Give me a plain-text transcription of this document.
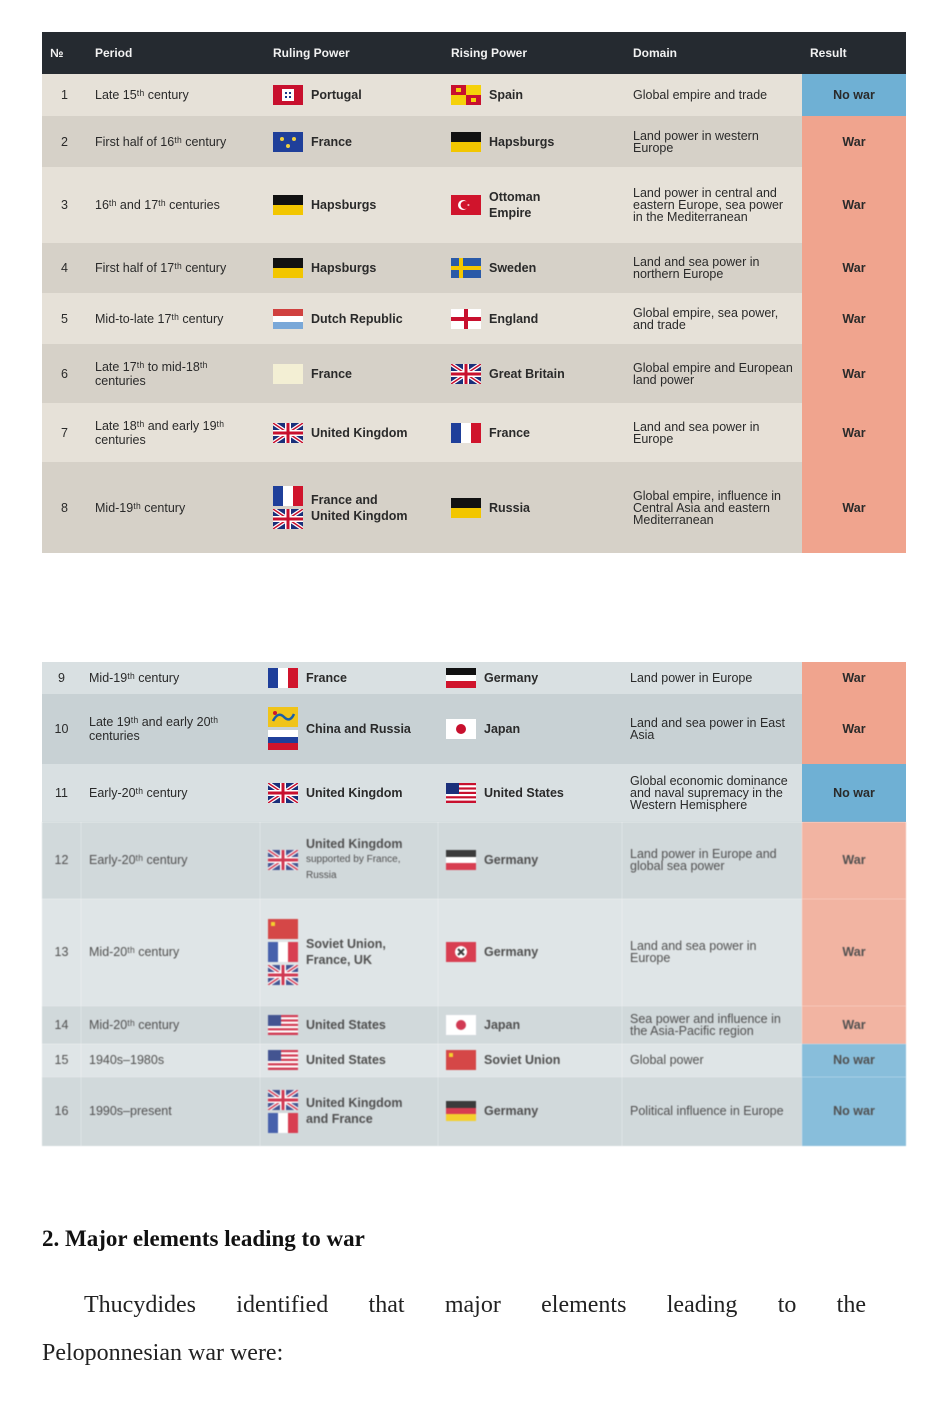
№	Period	Ruling Power	Rising Power	Domain	Result
1	Late 15ᵗʰ century	Portugal	Spain	Global empire and trade	No war
2	First half of 16ᵗʰ century	France	Hapsburgs	Land power in western Europe	War
3	16ᵗʰ and 17ᵗʰ centuries	Hapsburgs	Ottoman
Empire	Land power in central and eastern Europe, sea power in the Mediterranean	War
4	First half of 17ᵗʰ century	Hapsburgs	Sweden	Land and sea power in northern Europe	War
5	Mid-to-late 17ᵗʰ century	Dutch Republic	England	Global empire, sea power, and trade	War
6	Late 17ᵗʰ to mid-18ᵗʰ centuries	France	Great Britain	Global empire and European land power	War
7	Late 18ᵗʰ and early 19ᵗʰ centuries	United Kingdom	France	Land and sea power in Europe	War
8	Mid-19ᵗʰ century	France and
United Kingdom	Russia	Global empire, influence in Central Asia and eastern Mediterranean	War
9	Mid-19ᵗʰ century	France	Germany	Land power in Europe	War
10	Late 19ᵗʰ and early 20ᵗʰ centuries	China and Russia	Japan	Land and sea power in East Asia	War
11	Early-20ᵗʰ century	United Kingdom	United States	Global economic dominance and naval supremacy in the Western Hemisphere	No war
12	Early-20ᵗʰ century	United Kingdom
supported by France, Russia	Germany	Land power in Europe and global sea power	War
13	Mid-20ᵗʰ century	Soviet Union,
France, UK	Germany	Land and sea power in Europe	War
14	Mid-20ᵗʰ century	United States	Japan	Sea power and influence in the Asia-Pacific region	War
15	1940s–1980s	United States	Soviet Union	Global power	No war
16	1990s–present	United Kingdom
and France	Germany	Political influence in Europe	No war
2. Major elements leading to war
Thucydides identified that major elements leading to the
Peloponnesian war were:
